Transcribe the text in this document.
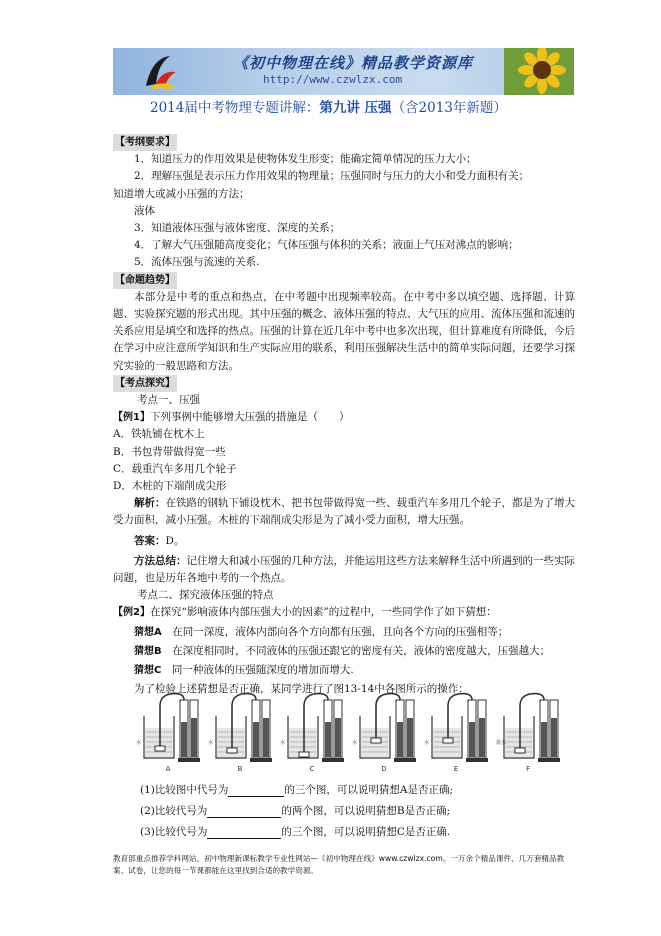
《初中物理在线》精品教学资源库
http://www.czwlzx.com
2014届中考物理专题讲解：第九讲 压强（含2013年新题）
【考纲要求】
1．知道压力的作用效果是使物体发生形变；能确定简单情况的压力大小；
2．理解压强是表示压力作用效果的物理量；压强同时与压力的大小和受力面积有关；
知道增大或减小压强的方法；
液体
3．知道液体压强与液体密度、深度的关系；
4．了解大气压强随高度变化；气体压强与体积的关系；液面上气压对沸点的影响；
5．流体压强与流速的关系.
【命题趋势】
本部分是中考的重点和热点，在中考题中出现频率较高。在中考中多以填空题、选择题、计算题、实验探究题的形式出现。其中压强的概念、液体压强的特点、大气压的应用、流体压强和流速的关系应用是填空和选择的热点。压强的计算在近几年中考中也多次出现，但计算难度有所降低，今后在学习中应注意所学知识和生产实际应用的联系，利用压强解决生活中的简单实际问题，还要学习探究实验的一般思路和方法。
【考点探究】
考点一、压强
【例1】下列事例中能够增大压强的措施是（　　）
A．铁轨铺在枕木上
B．书包背带做得宽一些
C．载重汽车多用几个轮子
D．木桩的下端削成尖形
解析：在铁路的钢轨下铺设枕木、把书包带做得宽一些、载重汽车多用几个轮子，都是为了增大受力面积，减小压强。木桩的下端削成尖形是为了减小受力面积，增大压强。
答案：D。
方法总结：记住增大和减小压强的几种方法，并能运用这些方法来解释生活中所遇到的一些实际问题，也是历年各地中考的一个热点。
考点二、探究液体压强的特点
【例2】在探究“影响液体内部压强大小的因素”的过程中，一些同学作了如下猜想：
猜想A　 在同一深度，液体内部向各个方向都有压强，且向各个方向的压强相等；
猜想B　 在深度相同时，不同液体的压强还跟它的密度有关，液体的密度越大，压强越大；
猜想C　 同一种液体的压强随深度的增加而增大.
为了检验上述猜想是否正确，某同学进行了图13-14中各图所示的操作：
A
水
B
水
C
水
D
水
E
水
F
盐水
(1)比较图中代号为	的三个图，可以说明猜想A是否正确;
(2)比较代号为	的两个图，可以说明猜想B是否正确;
(3)比较代号为	的三个图，可以说明猜想C是否正确.
教育部重点推荐学科网站、初中物理新课标教学专业性网站—《初中物理在线》www.czwlzx.com。一万余个精品课件、几万套精品教案、试卷，让您的每一节课都能在这里找到合适的教学资源。
